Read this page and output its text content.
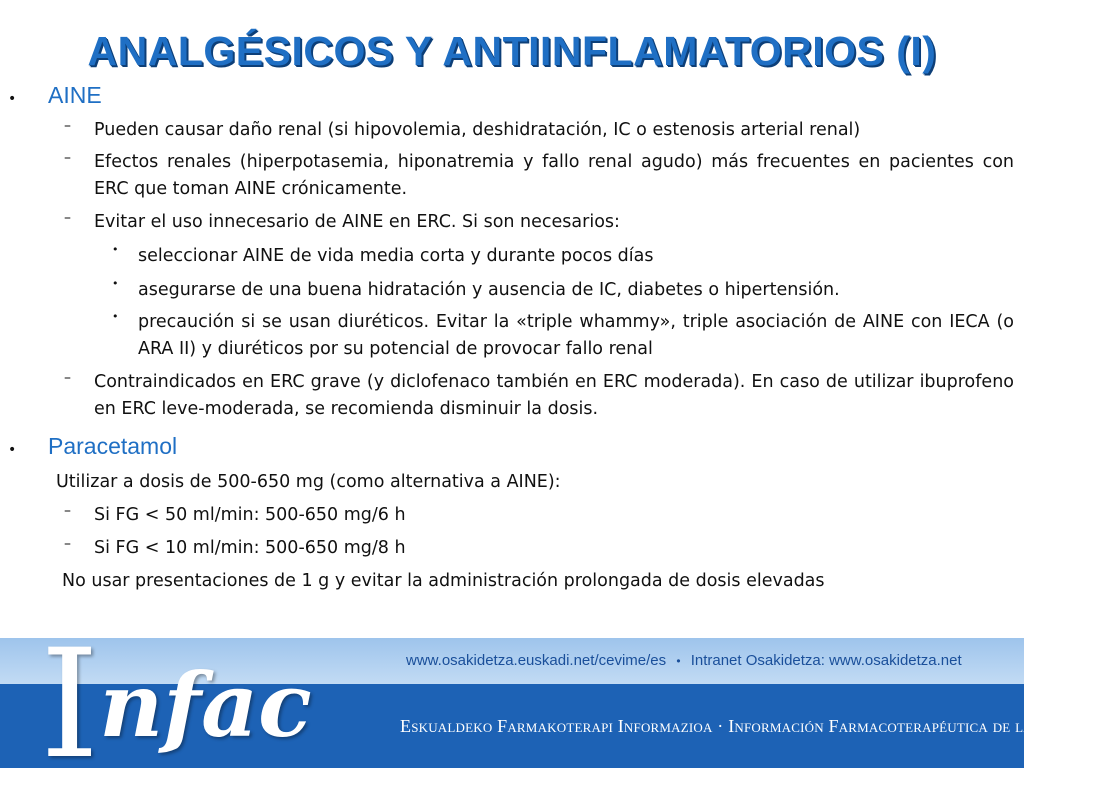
ANALGÉSICOS Y ANTIINFLAMATORIOS (I)
• AINE
– Pueden causar daño renal (si hipovolemia, deshidratación, IC o estenosis arterial renal)
– Efectos renales (hiperpotasemia, hiponatremia y fallo renal agudo) más frecuentes en pacientes con ERC que toman AINE crónicamente.
– Evitar el uso innecesario de AINE en ERC. Si son necesarios:
• seleccionar AINE de vida media corta y durante pocos días
• asegurarse de una buena hidratación y ausencia de IC, diabetes o hipertensión.
• precaución si se usan diuréticos. Evitar la «triple whammy», triple asociación de AINE con IECA (o ARA II) y diuréticos por su potencial de provocar fallo renal
– Contraindicados en ERC grave (y diclofenaco también en ERC moderada). En caso de utilizar ibuprofeno en ERC leve-moderada, se recomienda disminuir la dosis.
• Paracetamol
Utilizar a dosis de 500-650 mg (como alternativa a AINE):
– Si FG < 50 ml/min: 500-650 mg/6 h
– Si FG < 10 ml/min: 500-650 mg/8 h
No usar presentaciones de 1 g y evitar la administración prolongada de dosis elevadas
Infac	www.osakidetza.euskadi.net/cevime/es • Intranet Osakidetza: www.osakidetza.net
Eskualdeko Farmakoterapi Informazioa · Información Farmacoterapéutica de la Comarca
